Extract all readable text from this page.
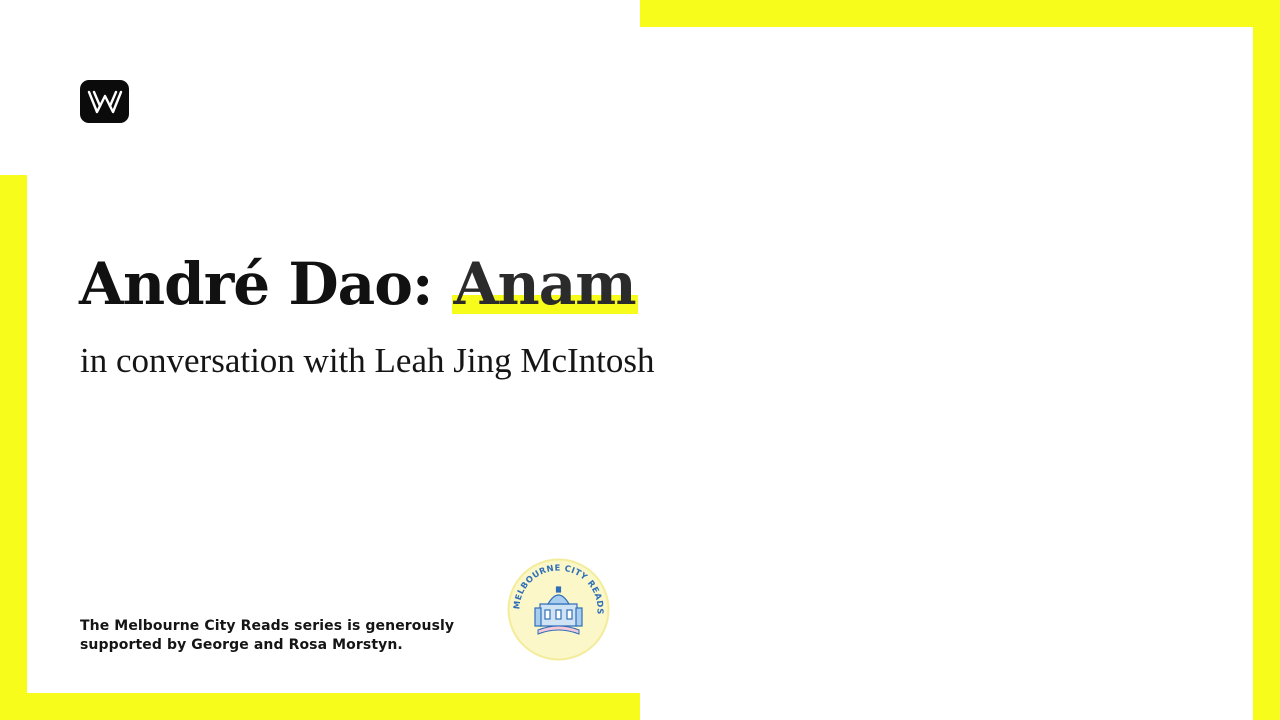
André Dao: Anam

in conversation with Leah Jing McIntosh

The Melbourne City Reads series is generously
supported by George and Rosa Morstyn.
MELBOURNE CITY READS
